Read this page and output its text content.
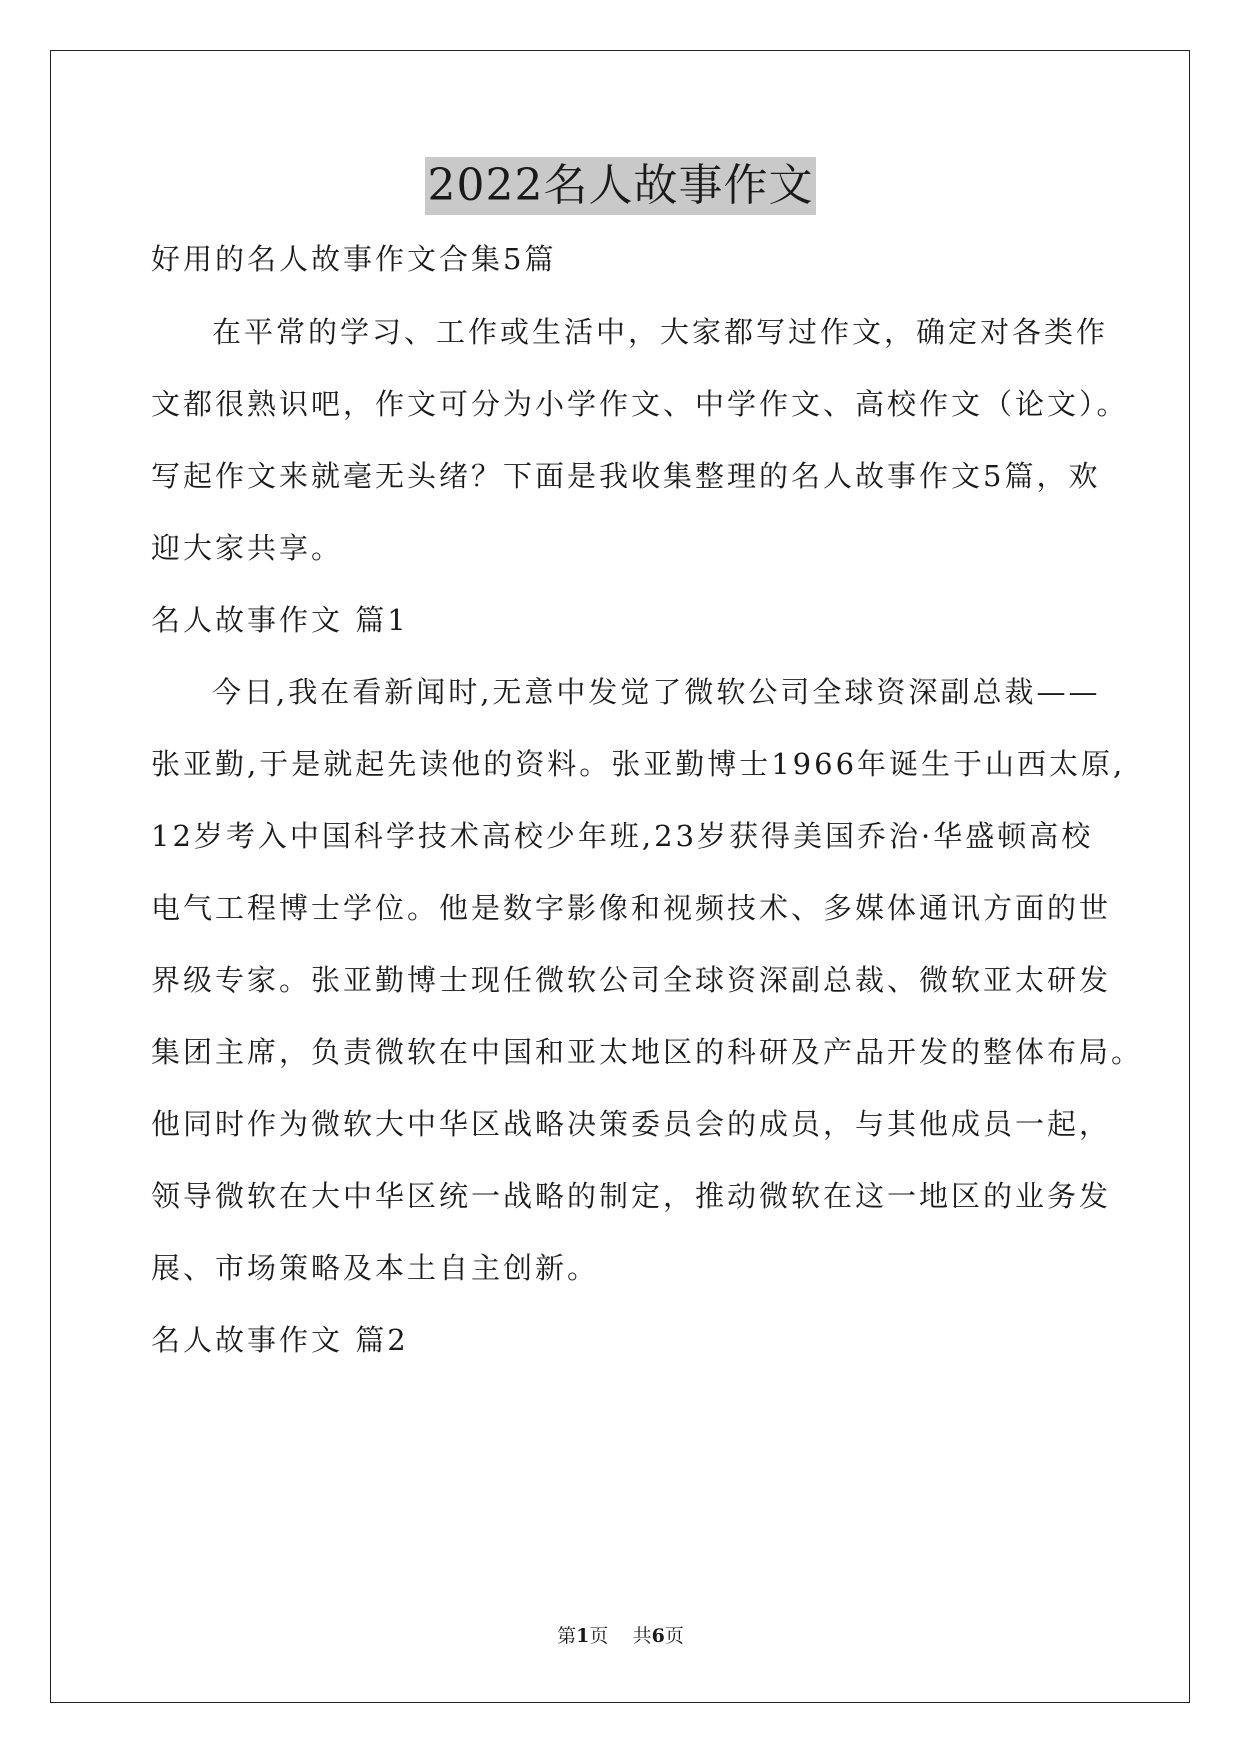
2022名人故事作文
好用的名人故事作文合集5篇
在平常的学习、工作或生活中，大家都写过作文，确定对各类作
文都很熟识吧，作文可分为小学作文、中学作文、高校作文（论文）。
写起作文来就毫无头绪？下面是我收集整理的名人故事作文5篇，欢
迎大家共享。
名人故事作文 篇1
今日,我在看新闻时,无意中发觉了微软公司全球资深副总裁——
张亚勤,于是就起先读他的资料。张亚勤博士1966年诞生于山西太原,
12岁考入中国科学技术高校少年班,23岁获得美国乔治·华盛顿高校
电气工程博士学位。他是数字影像和视频技术、多媒体通讯方面的世
界级专家。张亚勤博士现任微软公司全球资深副总裁、微软亚太研发
集团主席，负责微软在中国和亚太地区的科研及产品开发的整体布局。
他同时作为微软大中华区战略决策委员会的成员，与其他成员一起，
领导微软在大中华区统一战略的制定，推动微软在这一地区的业务发
展、市场策略及本土自主创新。
名人故事作文 篇2
第1页 共6页
